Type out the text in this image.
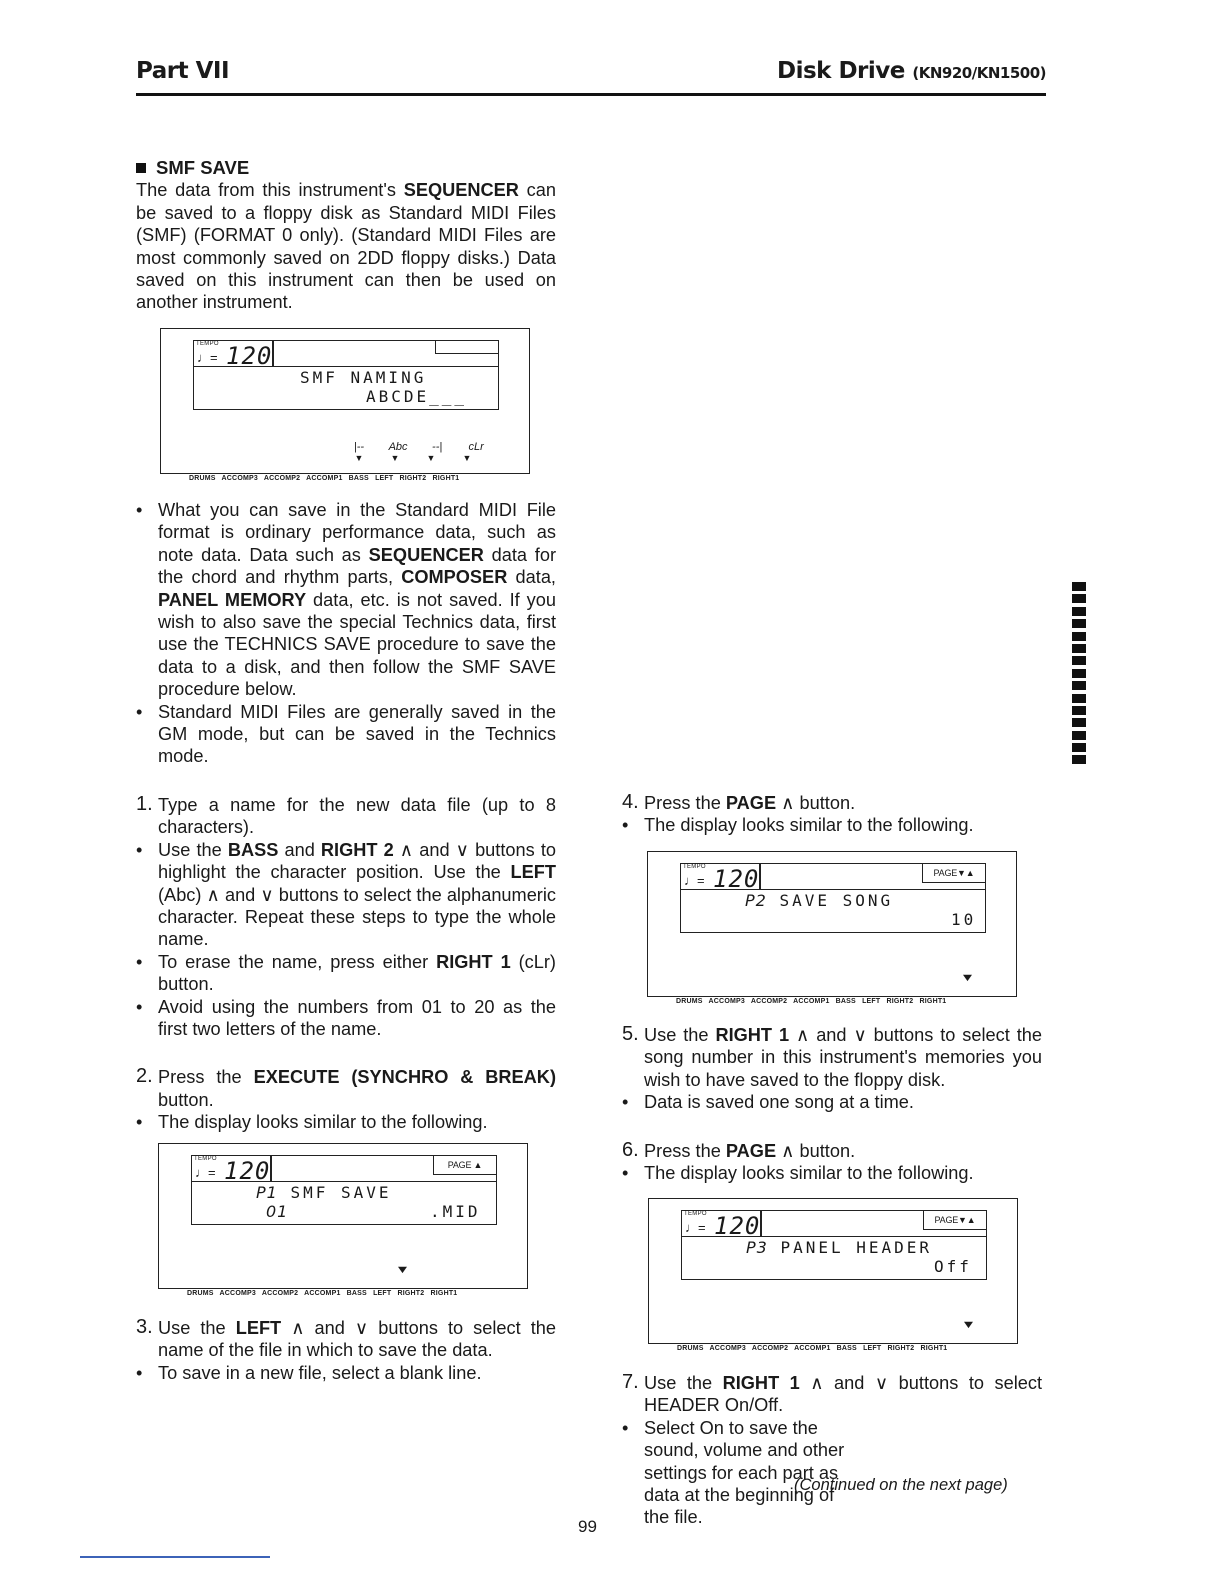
Part VII	Disk Drive (KN920/KN1500)

SMF SAVE

The data from this instrument's SEQUENCER can be saved to a floppy disk as Standard MIDI Files (SMF) (FORMAT 0 only). (Standard MIDI Files are most commonly saved on 2DD floppy disks.) Data saved on this instrument can then be used on another instrument.

TEMPO
♩= 120
SMF NAMING
ABCDE___
|-- Abc --| cLr
▼	▼	▼	▼
DRUMS ACCOMP3 ACCOMP2 ACCOMP1 BASS LEFT RIGHT2 RIGHT1

• What you can save in the Standard MIDI File format is ordinary performance data, such as note data. Data such as SEQUENCER data for the chord and rhythm parts, COMPOSER data, PANEL MEMORY data, etc. is not saved. If you wish to also save the special Technics data, first use the TECHNICS SAVE procedure to save the data to a disk, and then follow the SMF SAVE procedure below.

• Standard MIDI Files are generally saved in the GM mode, but can be saved in the Technics mode.

1. Type a name for the new data file (up to 8 characters).

• Use the BASS and RIGHT 2 ∧ and ∨ buttons to highlight the character position. Use the LEFT (Abc) ∧ and ∨ buttons to select the alphanumeric character. Repeat these steps to type the whole name.

• To erase the name, press either RIGHT 1 (cLr) button.

• Avoid using the numbers from 01 to 20 as the first two letters of the name.

2. Press the EXECUTE (SYNCHRO & BREAK) button.

• The display looks similar to the following.

TEMPO
♩= 120	PAGE ▲
P1 SMF SAVE
01	.MID
▼
DRUMS ACCOMP3 ACCOMP2 ACCOMP1 BASS LEFT RIGHT2 RIGHT1

3. Use the LEFT ∧ and ∨ buttons to select the name of the file in which to save the data.

• To save in a new file, select a blank line.

4. Press the PAGE ∧ button.

• The display looks similar to the following.

TEMPO
♩= 120	PAGE▼▲
P2 SAVE SONG
10
▼
DRUMS ACCOMP3 ACCOMP2 ACCOMP1 BASS LEFT RIGHT2 RIGHT1

5. Use the RIGHT 1 ∧ and ∨ buttons to select the song number in this instrument's memories you wish to have saved to the floppy disk.

• Data is saved one song at a time.

6. Press the PAGE ∧ button.

• The display looks similar to the following.

TEMPO
♩= 120	PAGE▼▲
P3 PANEL HEADER
Off
▼
DRUMS ACCOMP3 ACCOMP2 ACCOMP1 BASS LEFT RIGHT2 RIGHT1

7. Use the RIGHT 1 ∧ and ∨ buttons to select HEADER On/Off.

• Select On to save the sound, volume and other settings for each part as data at the beginning of the file.

(Continued on the next page)
99
